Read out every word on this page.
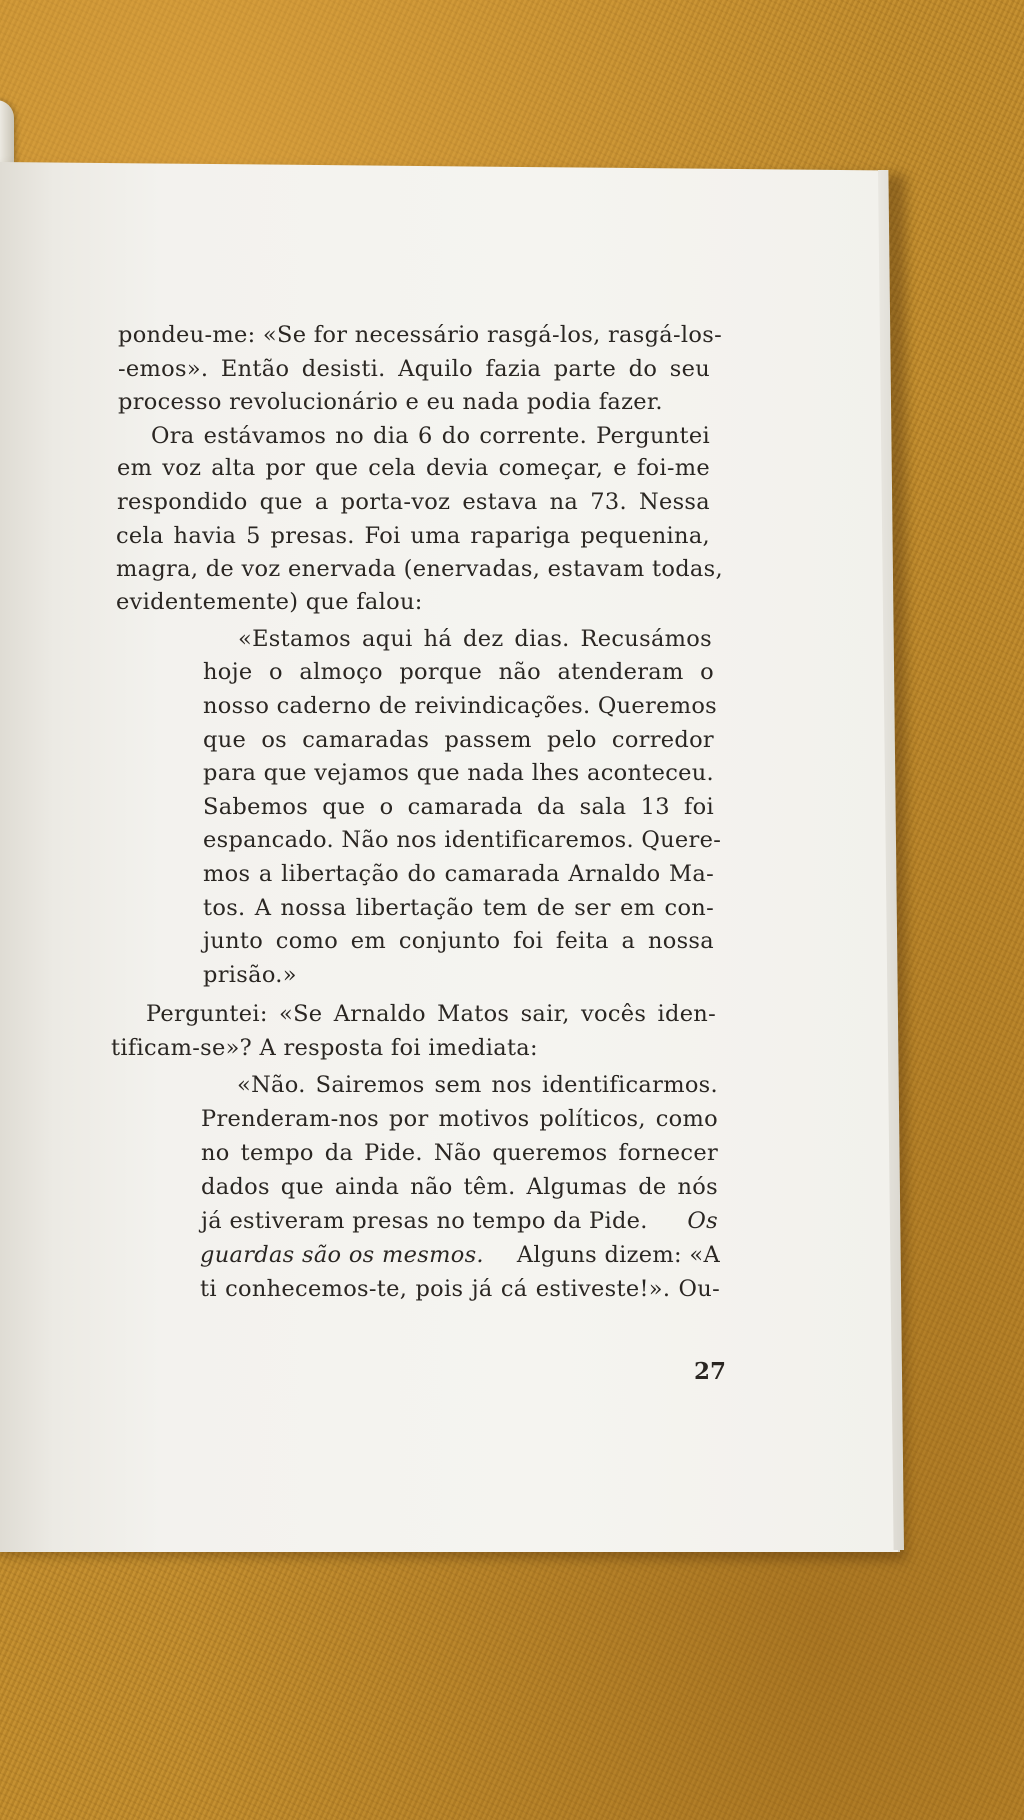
pondeu-me: «Se for necessário rasgá-los, rasgá-los-
-emos». Então desisti. Aquilo fazia parte do seu
processo revolucionário e eu nada podia fazer.
Ora estávamos no dia 6 do corrente. Perguntei
em voz alta por que cela devia começar, e foi-me
respondido que a porta-voz estava na 73. Nessa
cela havia 5 presas. Foi uma rapariga pequenina,
magra, de voz enervada (enervadas, estavam todas,
evidentemente) que falou:
«Estamos aqui há dez dias. Recusámos
hoje o almoço porque não atenderam o
nosso caderno de reivindicações. Queremos
que os camaradas passem pelo corredor
para que vejamos que nada lhes aconteceu.
Sabemos que o camarada da sala 13 foi
espancado. Não nos identificaremos. Quere-
mos a libertação do camarada Arnaldo Ma-
tos. A nossa libertação tem de ser em con-
junto como em conjunto foi feita a nossa
prisão.»
Perguntei: «Se Arnaldo Matos sair, vocês iden-
tificam-se»? A resposta foi imediata:
«Não. Sairemos sem nos identificarmos.
Prenderam-nos por motivos políticos, como
no tempo da Pide. Não queremos fornecer
dados que ainda não têm. Algumas de nós
já estiveram presas no tempo da Pide. Os
guardas são os mesmos. Alguns dizem: «A
ti conhecemos-te, pois já cá estiveste!». Ou-
27
